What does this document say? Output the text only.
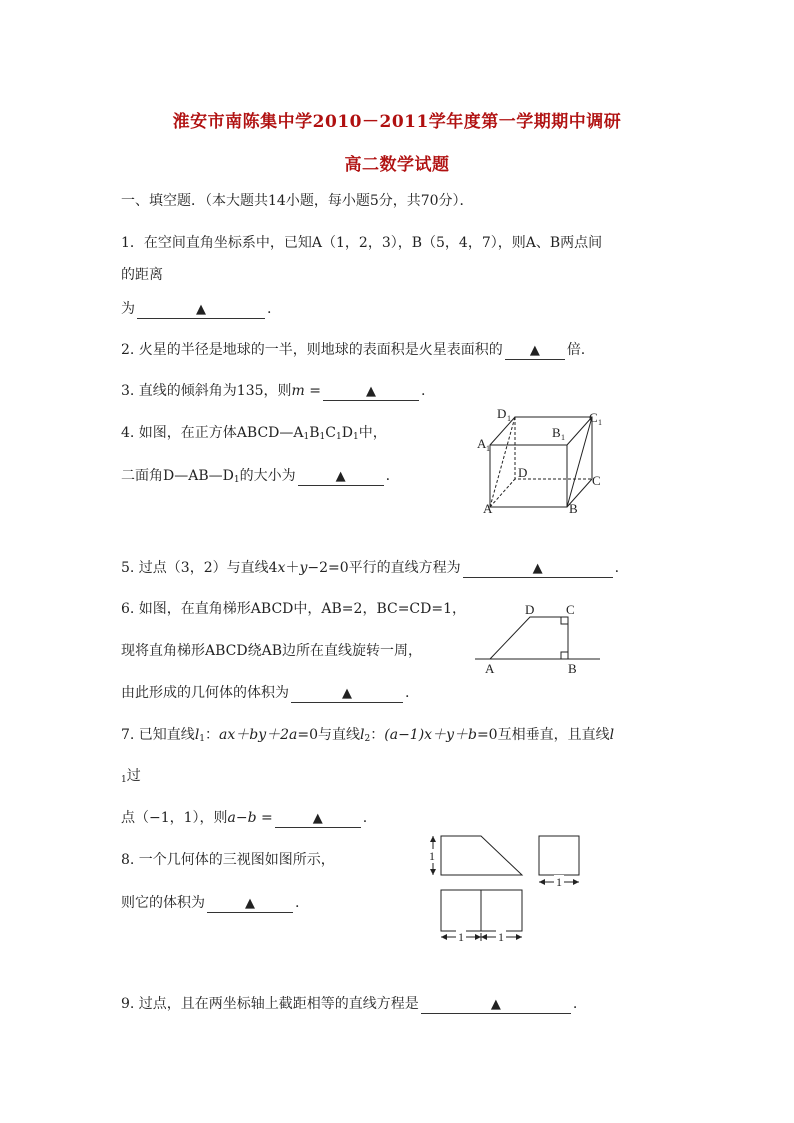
淮安市南陈集中学2010－2011学年度第一学期期中调研
高二数学试题
一、填空题．（本大题共14小题，每小题5分，共70分）．
1．在空间直角坐标系中，已知A（1，2，3），B（5，4，7），则A、B两点间
的距离
为	▲	.
2. 火星的半径是地球的一半，则地球的表面积是火星表面积的 ▲ 倍.
3. 直线的倾斜角为135，则m =	▲	.
4. 如图，在正方体$ABCD—A_1B_1C_1D_1$中，
二面角$D—AB—D_1$的大小为	▲	.
D 1	C 1
A 1
B 1
D
C
A	B
5. 过点（3，2）与直线4x＋y−2=0平行的直线方程为	▲	.
6. 如图，在直角梯形ABCD中，AB=2，BC=CD=1，
现将直角梯形ABCD绕AB边所在直线旋转一周，
由此形成的几何体的体积为	▲	.
D C
A	B
7. 已知直线$l_1$：ax＋by＋2a=0与直线$l_2$：(a−1)x＋y＋b=0互相垂直，且直线l
$_1$过
点（−1，1），则a−b =	▲	.
8. 一个几何体的三视图如图所示，
则它的体积为	▲	.
1
1
1	1
9. 过点，且在两坐标轴上截距相等的直线方程是	▲	.
